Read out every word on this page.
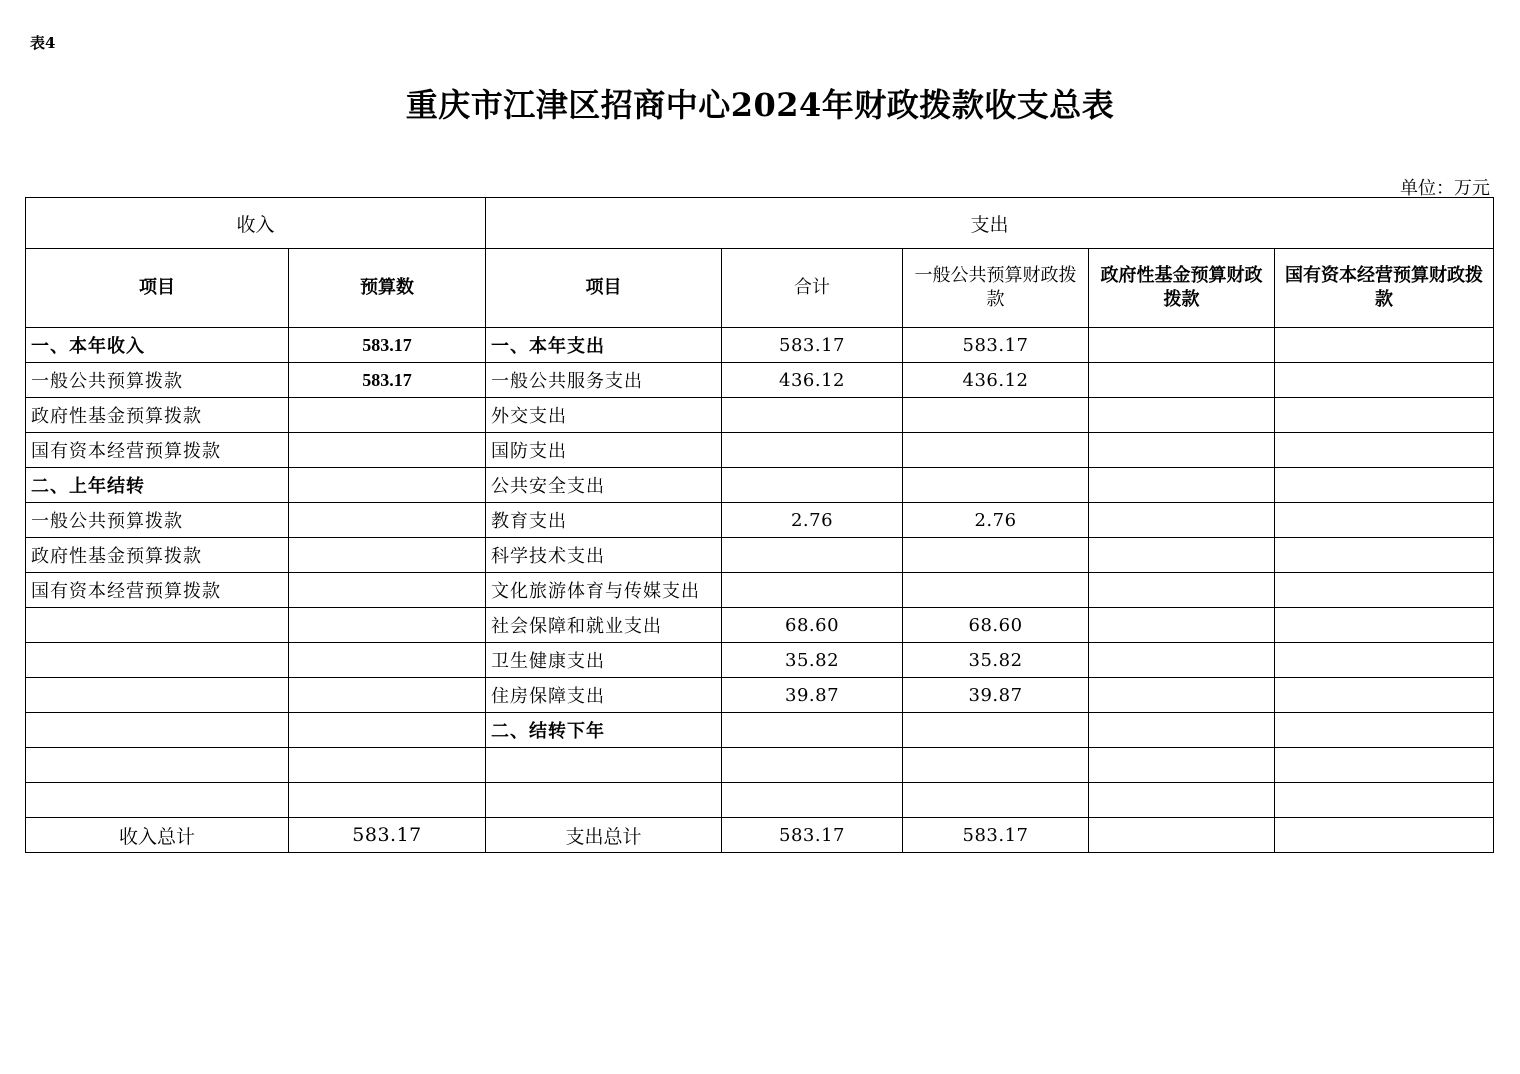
表4
重庆市江津区招商中心2024年财政拨款收支总表
单位：万元
收入		支出				
项目	预算数	项目	合计	一般公共预算财政拨款	政府性基金预算财政拨款	国有资本经营预算财政拨款
一、本年收入	583.17	一、本年支出	583.17	583.17		
一般公共预算拨款	583.17	一般公共服务支出	436.12	436.12		
政府性基金预算拨款		外交支出				
国有资本经营预算拨款		国防支出				
二、上年结转		公共安全支出				
一般公共预算拨款		教育支出	2.76	2.76		
政府性基金预算拨款		科学技术支出				
国有资本经营预算拨款		文化旅游体育与传媒支出				
		社会保障和就业支出	68.60	68.60		
		卫生健康支出	35.82	35.82		
		住房保障支出	39.87	39.87		
		二、结转下年				

收入总计	583.17	支出总计	583.17	583.17		
